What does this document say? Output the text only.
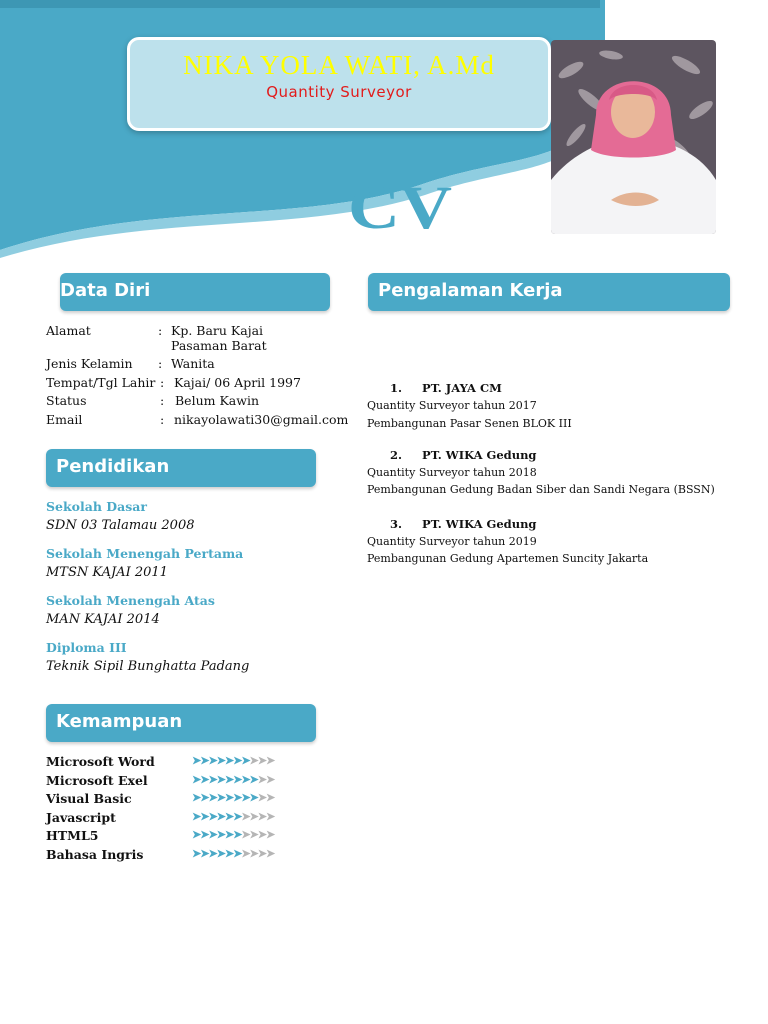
NIKA YOLA WATI, A.Md
Quantity Surveyor
CV
Data Diri
Alamat	: Kp. Baru Kajai Pasaman Barat
Jenis Kelamin	: Wanita
Tempat/Tgl Lahir : Kajai/ 06 April 1997
Status	: Belum Kawin
Email	: nikayolawati30@gmail.com
Pendidikan
Sekolah Dasar
SDN 03 Talamau 2008
Sekolah Menengah Pertama
MTSN KAJAI 2011
Sekolah Menengah Atas
MAN KAJAI 2014
Diploma III
Teknik Sipil Bunghatta Padang
Kemampuan
Microsoft Word	➤➤➤➤➤➤➤➤➤➤
Microsoft Exel	➤➤➤➤➤➤➤➤➤➤
Visual Basic	➤➤➤➤➤➤➤➤➤➤
Javascript	➤➤➤➤➤➤➤➤➤➤
HTML5	➤➤➤➤➤➤➤➤➤➤
Bahasa Ingris	➤➤➤➤➤➤➤➤➤➤
Pengalaman Kerja
1. PT. JAYA CM
Quantity Surveyor tahun 2017
Pembangunan Pasar Senen BLOK III
2. PT. WIKA Gedung
Quantity Surveyor tahun 2018
Pembangunan Gedung Badan Siber dan Sandi Negara (BSSN)
3. PT. WIKA Gedung
Quantity Surveyor tahun 2019
Pembangunan Gedung Apartemen Suncity Jakarta
